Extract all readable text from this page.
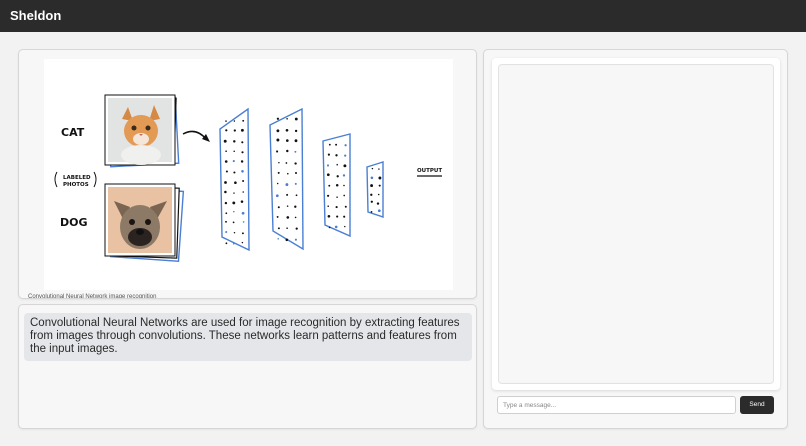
Sheldon
CAT
DOG
LABELED
PHOTOS
OUTPUT
Convolutional Neural Network image recognition
Convolutional Neural Networks are used for image recognition by extracting features from images through convolutions. These networks learn patterns and features from the input images.
Type a message...
Send
